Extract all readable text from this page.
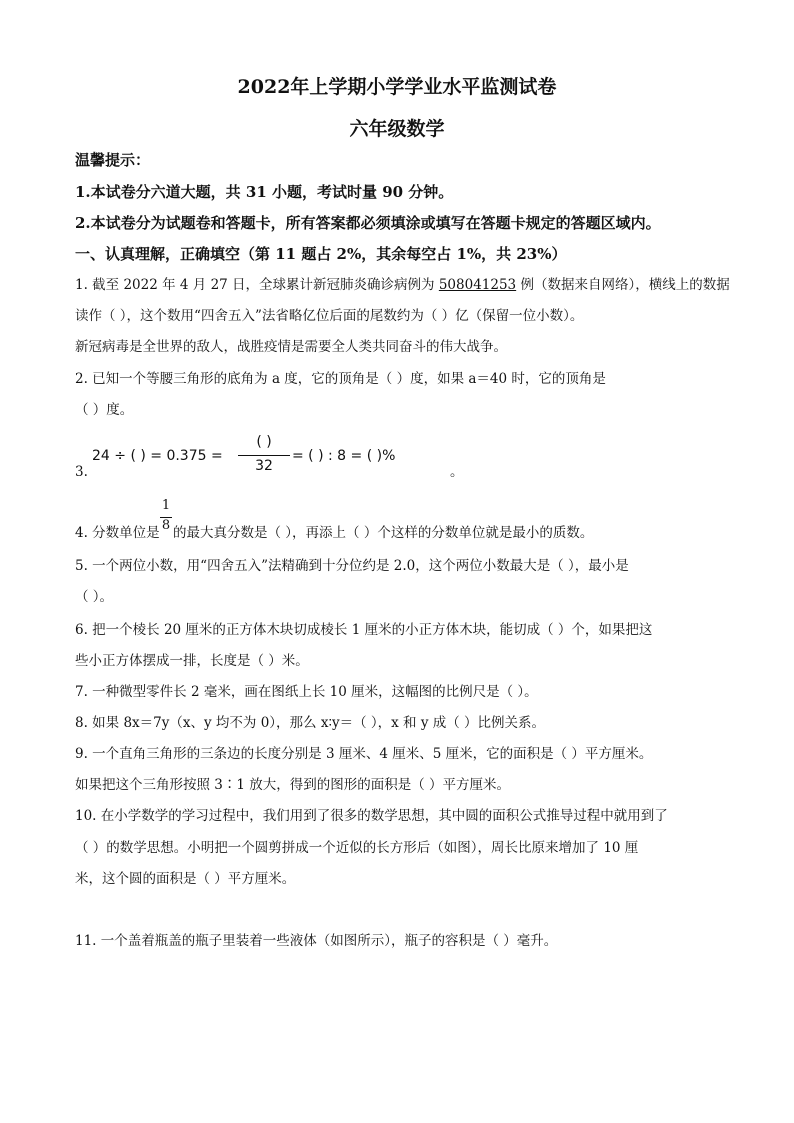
2022年上学期小学学业水平监测试卷
六年级数学
温馨提示：
1.本试卷分六道大题，共 31 小题，考试时量 90 分钟。
2.本试卷分为试题卷和答题卡，所有答案都必须填涂或填写在答题卡规定的答题区域内。
一、认真理解，正确填空（第 11 题占 2%，其余每空占 1%，共 23%）
1. 截至 2022 年 4 月 27 日，全球累计新冠肺炎确诊病例为 508041253 例（数据来自网络），横线上的数据
读作（ ），这个数用“四舍五入”法省略亿位后面的尾数约为（ ）亿（保留一位小数）。
新冠病毒是全世界的敌人，战胜疫情是需要全人类共同奋斗的伟大战争。
2. 已知一个等腰三角形的底角为 a 度，它的顶角是（ ）度，如果 a＝40 时，它的顶角是
（ ）度。
3.
24 ÷ ( ) = 0.375 =
( )
32
= ( ) : 8 = ( )%
。
4. 分数单位是
1
8 的最大真分数是（ ），再添上（ ）个这样的分数单位就是最小的质数。
5. 一个两位小数，用“四舍五入”法精确到十分位约是 2.0，这个两位小数最大是（ ），最小是
（ ）。
6. 把一个棱长 20 厘米的正方体木块切成棱长 1 厘米的小正方体木块，能切成（ ）个，如果把这
些小正方体摆成一排，长度是（ ）米。
7. 一种微型零件长 2 毫米，画在图纸上长 10 厘米，这幅图的比例尺是（ ）。
8. 如果 8x＝7y（x、y 均不为 0），那么 x∶y＝（ ），x 和 y 成（ ）比例关系。
9. 一个直角三角形的三条边的长度分别是 3 厘米、4 厘米、5 厘米，它的面积是（ ）平方厘米。
如果把这个三角形按照 3∶1 放大，得到的图形的面积是（ ）平方厘米。
10. 在小学数学的学习过程中，我们用到了很多的数学思想，其中圆的面积公式推导过程中就用到了
（ ）的数学思想。小明把一个圆剪拼成一个近似的长方形后（如图），周长比原来增加了 10 厘
米，这个圆的面积是（ ）平方厘米。
11. 一个盖着瓶盖的瓶子里装着一些液体（如图所示），瓶子的容积是（ ）毫升。
